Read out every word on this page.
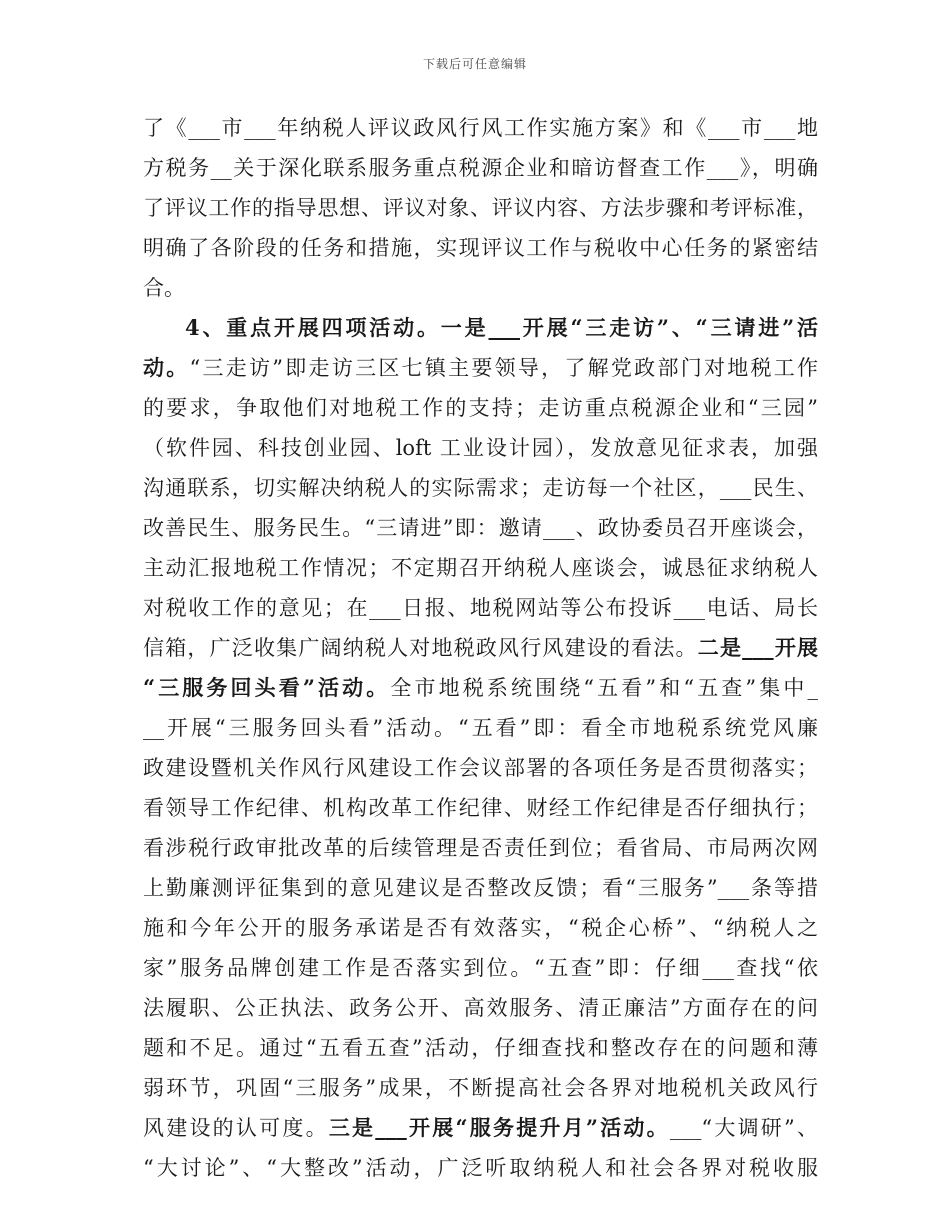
下载后可任意编辑
了《___市___年纳税人评议政风行风工作实施方案》和《___市___地
方税务__关于深化联系服务重点税源企业和暗访督查工作___》，明确
了评议工作的指导思想、评议对象、评议内容、方法步骤和考评标准，
明确了各阶段的任务和措施，实现评议工作与税收中心任务的紧密结
合。
4、重点开展四项活动。一是___开展“三走访”、“三请进”活
动。“三走访”即走访三区七镇主要领导，了解党政部门对地税工作
的要求，争取他们对地税工作的支持；走访重点税源企业和“三园”
（软件园、科技创业园、loft 工业设计园），发放意见征求表，加强
沟通联系，切实解决纳税人的实际需求；走访每一个社区，___民生、
改善民生、服务民生。“三请进”即：邀请___、政协委员召开座谈会，
主动汇报地税工作情况；不定期召开纳税人座谈会，诚恳征求纳税人
对税收工作的意见；在___日报、地税网站等公布投诉___电话、局长
信箱，广泛收集广阔纳税人对地税政风行风建设的看法。二是___开展
“三服务回头看”活动。全市地税系统围绕“五看”和“五查”集中_
__开展“三服务回头看”活动。“五看”即：看全市地税系统党风廉
政建设暨机关作风行风建设工作会议部署的各项任务是否贯彻落实；
看领导工作纪律、机构改革工作纪律、财经工作纪律是否仔细执行；
看涉税行政审批改革的后续管理是否责任到位；看省局、市局两次网
上勤廉测评征集到的意见建议是否整改反馈；看“三服务”___条等措
施和今年公开的服务承诺是否有效落实，“税企心桥”、“纳税人之
家”服务品牌创建工作是否落实到位。“五查”即：仔细___查找“依
法履职、公正执法、政务公开、高效服务、清正廉洁”方面存在的问
题和不足。通过“五看五查”活动，仔细查找和整改存在的问题和薄
弱环节，巩固“三服务”成果，不断提高社会各界对地税机关政风行
风建设的认可度。三是___开展“服务提升月”活动。___“大调研”、
“大讨论”、“大整改”活动，广泛听取纳税人和社会各界对税收服
